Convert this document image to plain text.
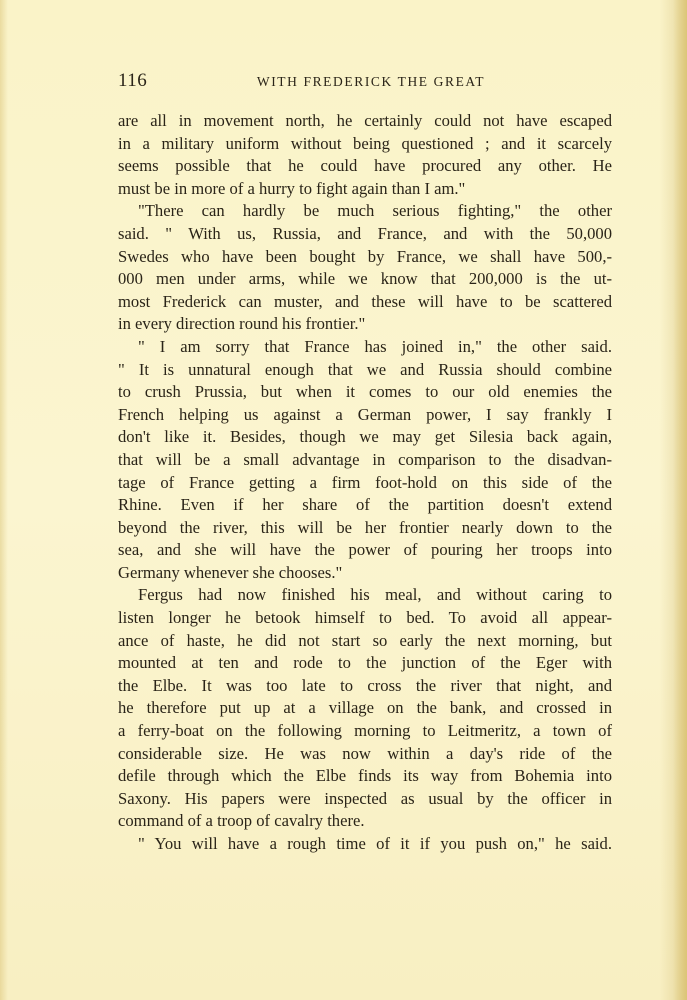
116	WITH FREDERICK THE GREAT
are all in movement north, he certainly could not have escaped
in a military uniform without being questioned ; and it scarcely
seems possible that he could have procured any other. He
must be in more of a hurry to fight again than I am."
"There can hardly be much serious fighting," the other
said. " With us, Russia, and France, and with the 50,000
Swedes who have been bought by France, we shall have 500,-
000 men under arms, while we know that 200,000 is the ut-
most Frederick can muster, and these will have to be scattered
in every direction round his frontier."
" I am sorry that France has joined in," the other said.
" It is unnatural enough that we and Russia should combine
to crush Prussia, but when it comes to our old enemies the
French helping us against a German power, I say frankly I
don't like it. Besides, though we may get Silesia back again,
that will be a small advantage in comparison to the disadvan-
tage of France getting a firm foot-hold on this side of the
Rhine. Even if her share of the partition doesn't extend
beyond the river, this will be her frontier nearly down to the
sea, and she will have the power of pouring her troops into
Germany whenever she chooses."
Fergus had now finished his meal, and without caring to
listen longer he betook himself to bed. To avoid all appear-
ance of haste, he did not start so early the next morning, but
mounted at ten and rode to the junction of the Eger with
the Elbe. It was too late to cross the river that night, and
he therefore put up at a village on the bank, and crossed in
a ferry-boat on the following morning to Leitmeritz, a town of
considerable size. He was now within a day's ride of the
defile through which the Elbe finds its way from Bohemia into
Saxony. His papers were inspected as usual by the officer in
command of a troop of cavalry there.
" You will have a rough time of it if you push on," he said.
